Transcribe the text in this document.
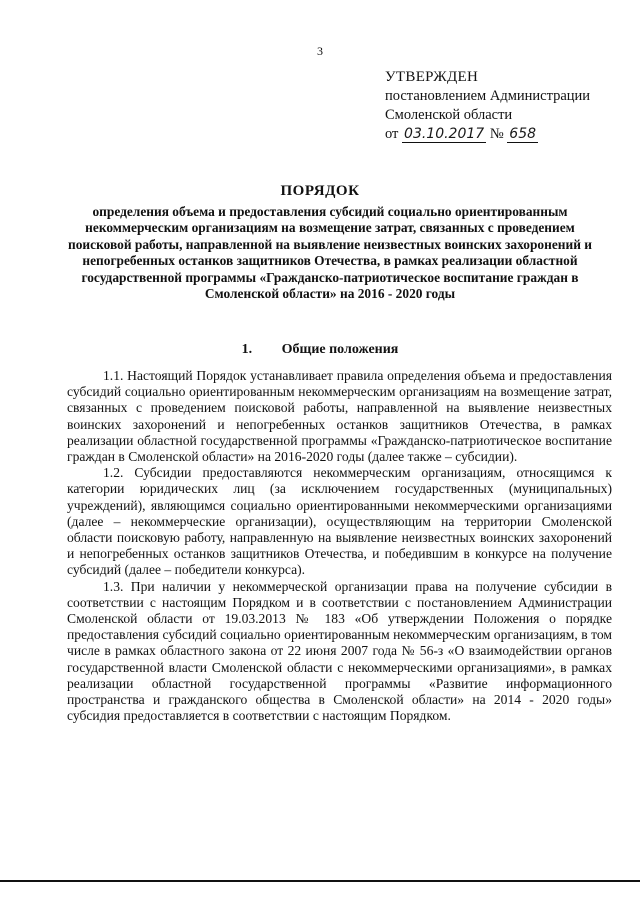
3
УТВЕРЖДЕН
постановлением Администрации
Смоленской области
от 03.10.2017 № 658
ПОРЯДОК
определения объема и предоставления субсидий социально ориентированным некоммерческим организациям на возмещение затрат, связанных с проведением поисковой работы, направленной на выявление неизвестных воинских захоронений и непогребенных останков защитников Отечества, в рамках реализации областной государственной программы «Гражданско-патриотическое воспитание граждан в Смоленской области» на 2016 - 2020 годы
1. Общие положения

1.1. Настоящий Порядок устанавливает правила определения объема и предоставления субсидий социально ориентированным некоммерческим организациям на возмещение затрат, связанных с проведением поисковой работы, направленной на выявление неизвестных воинских захоронений и непогребенных останков защитников Отечества, в рамках реализации областной государственной программы «Гражданско-патриотическое воспитание граждан в Смоленской области» на 2016-2020 годы (далее также – субсидии).

1.2. Субсидии предоставляются некоммерческим организациям, относящимся к категории юридических лиц (за исключением государственных (муниципальных) учреждений), являющимся социально ориентированными некоммерческими организациями (далее – некоммерческие организации), осуществляющим на территории Смоленской области поисковую работу, направленную на выявление неизвестных воинских захоронений и непогребенных останков защитников Отечества, и победившим в конкурсе на получение субсидий (далее – победители конкурса).

1.3. При наличии у некоммерческой организации права на получение субсидии в соответствии с настоящим Порядком и в соответствии с постановлением Администрации Смоленской области от 19.03.2013 № 183 «Об утверждении Положения о порядке предоставления субсидий социально ориентированным некоммерческим организациям, в том числе в рамках областного закона от 22 июня 2007 года № 56-з «О взаимодействии органов государственной власти Смоленской области с некоммерческими организациями», в рамках реализации областной государственной программы «Развитие информационного пространства и гражданского общества в Смоленской области» на 2014 - 2020 годы» субсидия предоставляется в соответствии с настоящим Порядком.
